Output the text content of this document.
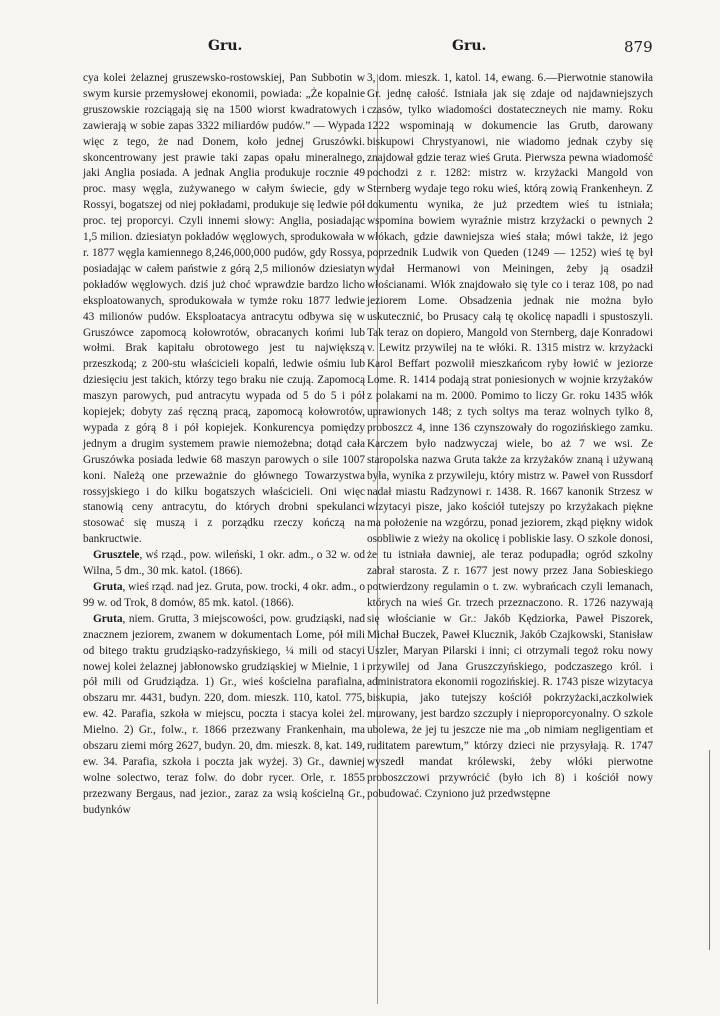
Gru.	Gru.	879

cya kolei żelaznej gruszewsko-rostowskiej, Pan Subbotin w swym kursie przemysłowej ekonomii, powiada: „Że kopalnie gruszowskie rozciągają się na 1500 wiorst kwadratowych i zawierają w sobie zapas 3322 miliardów pudów.” — Wypada więc z tego, że nad Donem, koło jednej Gruszówki. skoncentrowany jest prawie taki zapas opału mineralnego, jaki Anglia posiada. A jednak Anglia produkuje rocznie 49 proc. masy węgla, zużywanego w całym świecie, gdy w Rossyi, bogatszej od niej pokładami, produkuje się ledwie pół proc. tej proporcyi. Czyli innemi słowy: Anglia, posiadając 1,5 milion. dziesiatyn pokładów węglowych, sprodukowała w r. 1877 węgla kamiennego 8,246,000,000 pudów, gdy Rossya, posiadając w całem państwie z górą 2,5 milionów dziesiatyn pokładów węglowych. dziś już choć wprawdzie bardzo licho eksploatowanych, sprodukowała w tymże roku 1877 ledwie 43 milionów pudów. Eksploatacya antracytu odbywa się w Gruszówce zapomocą kołowrotów, obracanych końmi lub wołmi. Brak kapitału obrotowego jest tu największą przeszkodą; z 200-stu właścicieli kopalń, ledwie ośmiu lub dziesięciu jest takich, którzy tego braku nie czują. Zapomocą maszyn parowych, pud antracytu wypada od 5 do 5 i pół kopiejek; dobyty zaś ręczną pracą, zapomocą kołowrotów, wypada z górą 8 i pół kopiejek. Konkurencya pomiędzy jednym a drugim systemem prawie niemożebna; dotąd cała Gruszówka posiada ledwie 68 maszyn parowych o sile 1007 koni. Należą one przeważnie do głównego Towarzystwa rossyjskiego i do kilku bogatszych właścicieli. Oni więc stanowią ceny antracytu, do których drobni spekulanci stosować się muszą i z porządku rzeczy kończą na bankructwie.

Grusztele, wś rząd., pow. wileński, 1 okr. adm., o 32 w. od Wilna, 5 dm., 30 mk. katol. (1866).

Gruta, wieś rząd. nad jez. Gruta, pow. trocki, 4 okr. adm., o 99 w. od Trok, 8 domów, 85 mk. katol. (1866).

Gruta, niem. Grutta, 3 miejscowości, pow. grudziąski, nad znacznem jeziorem, zwanem w dokumentach Lome, pół mili od bitego traktu grudziąsko-radzyńskiego, ¼ mili od stacyi nowej kolei żelaznej jabłonowsko grudziąskiej w Mielnie, 1 i pół mili od Grudziądza. 1) Gr., wieś kościelna parafialna, obszaru mr. 4431, budyn. 220, dom. mieszk. 110, katol. 775, ew. 42. Parafia, szkoła w miejscu, poczta i stacya kolei żel. Mielno. 2) Gr., folw., r. 1866 przezwany Frankenhain, ma obszaru ziemi mórg 2627, budyn. 20, dm. mieszk. 8, kat. 149, ew. 34. Parafia, szkoła i poczta jak wyżej. 3) Gr., dawniej wolne solectwo, teraz folw. do dobr rycer. Orle, r. 1855 przezwany Bergaus, nad jezior., zaraz za wsią kościelną Gr., budynków

3, dom. mieszk. 1, katol. 14, ewang. 6.—Pierwotnie stanowiła Gr. jednę całość. Istniała jak się zdaje od najdawniejszych czasów, tylko wiadomości dostateczneych nie mamy. Roku 1222 wspominają w dokumencie las Grutb, darowany biskupowi Chrystyanowi, nie wiadomo jednak czyby się znajdował gdzie teraz wieś Gruta. Pierwsza pewna wiadomość pochodzi z r. 1282: mistrz w. krzyżacki Mangold von Sternberg wydaje tego roku wieś, którą zowią Frankenheyn. Z dokumentu wynika, że już przedtem wieś tu istniała; wspomina bowiem wyraźnie mistrz krzyżacki o pewnych 2 włókach, gdzie dawniejsza wieś stała; mówi także, iż jego poprzednik Ludwik von Queden (1249 — 1252) wieś tę był wydał Hermanowi von Meiningen, żeby ją osadził włościanami. Włók znajdowało się tyle co i teraz 108, po nad jeziorem Lome. Obsadzenia jednak nie można było uskutecznić, bo Prusacy całą tę okolicę napadli i spustoszyli. Tak teraz on dopiero, Mangold von Sternberg, daje Konradowi v. Lewitz przywilej na te włóki. R. 1315 mistrz w. krzyżacki Karol Beffart pozwolił mieszkańcom ryby łowić w jeziorze Lome. R. 1414 podają strat poniesionych w wojnie krzyżaków z polakami na m. 2000. Pomimo to liczy Gr. roku 1435 włók uprawionych 148; z tych soltys ma teraz wolnych tylko 8, proboszcz 4, inne 136 czynszowały do rogozińskiego zamku. Karczem było nadzwyczaj wiele, bo aż 7 we wsi. Ze staropolska nazwa Gruta także za krzyżaków znaną i używaną była, wynika z przywileju, który mistrz w. Paweł von Russdorf nadał miastu Radzynowi r. 1438. R. 1667 kanonik Strzesz w wizytacyi pisze, jako kościół tutejszy po krzyżakach piękne ma położenie na wzgórzu, ponad jeziorem, zkąd piękny widok osobliwie z wieży na okolicę i pobliskie lasy. O szkole donosi, że tu istniała dawniej, ale teraz podupadła; ogród szkolny zabrał starosta. Z r. 1677 jest nowy przez Jana Sobieskiego potwierdzony regulamin o t. zw. wybrańcach czyli lemanach, których na wieś Gr. trzech przeznaczono. R. 1726 nazywają się włościanie w Gr.: Jakób Kędziorka, Paweł Piszorek, Michał Buczek, Paweł Klucznik, Jakób Czajkowski, Stanisław Uszler, Maryan Pilarski i inni; ci otrzymali tegoż roku nowy przywilej od Jana Gruszczyńskiego, podczaszego król. i administratora ekonomii rogozińskiej. R. 1743 pisze wizytacya biskupia, jako tutejszy kościół pokrzyżacki,aczkolwiek murowany, jest bardzo szczupły i nieproporcyonalny. O szkole ubolewa, że jej tu jeszcze nie ma „ob nimiam negligentiam et ruditatem parewtum,” którzy dzieci nie przysyłają. R. 1747 wyszedł mandat królewski, żeby włóki pierwotne proboszczowi przywrócić (było ich 8) i kościół nowy pobudować. Czyniono już przedwstępne
